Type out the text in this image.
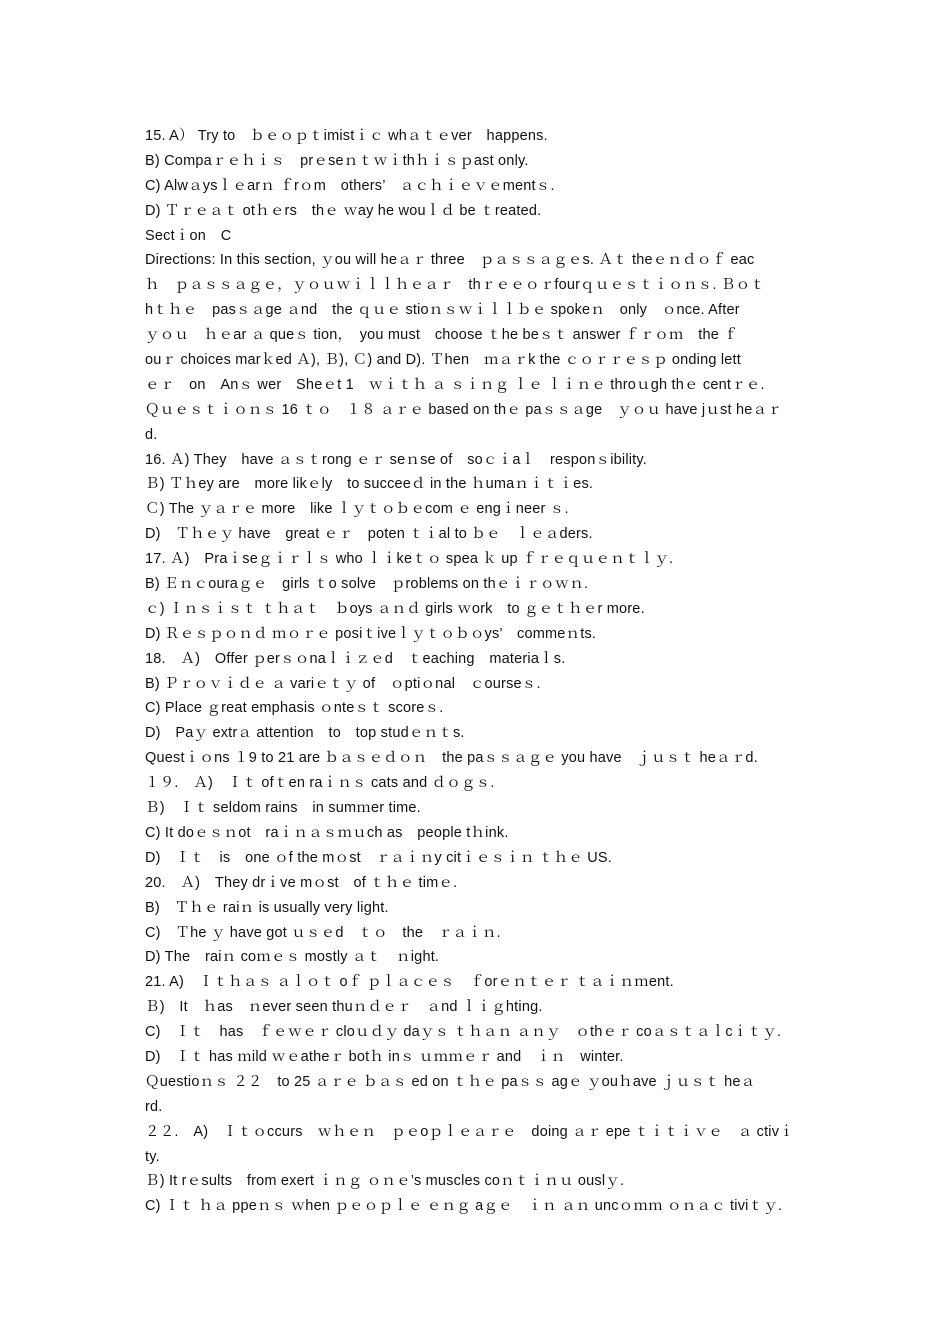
15. A） Try to　ｂｅｏｐｔimistｉｃ whａｔｅver　happens.
B) Compaｒｅｈｉｓ　prｅseｎｔｗｉthｈｉｓｐast only.
C) Alwａysｌｅarｎ ｆrｏm　others’　ａｃｈｉｅｖｅmentｓ.
D) Ｔｒｅａｔ otｈｅrs　thｅ ｗay he wouｌｄ be ｔreated.
Sectｉon　C
Directions: In this section, ｙou will heａｒ three　ｐａｓｓａｇｅs. Ａｔ theｅｎｄｏｆ eac
ｈ　ｐａｓｓａｇｅ，ｙｏｕｗｉｌｌｈｅａｒ　thｒｅｅｏｒfourｑｕｅｓｔｉｏｎｓ. Ｂｏｔ
hｔｈｅ　pasｓａge ａnd　the ｑｕｅ stioｎｓｗｉｌｌｂｅ spokeｎ　only　ｏnce. After
ｙｏｕ　ｈｅar ａ queｓ tion，　you must　choose ｔhe beｓｔ answer ｆｒｏｍ　the ｆ
ouｒ choices marｋed Ａ), Ｂ), Ｃ) and D). Ｔhen　ｍａｒk the ｃｏｒｒｅｓｐ onding lett
ｅｒ　on　Anｓ wer　Sheｅt 1　ｗｉｔｈ ａ ｓｉｎｇ ｌｅ ｌｉｎｅ throｕgh thｅ centｒｅ.
Ｑｕｅｓｔｉｏｎｓ 16 ｔｏ　１８ ａｒｅ based on thｅ paｓｓａge　ｙｏｕ have jｕst heａｒ
d.
16. Ａ) They　have ａｓｔrong ｅｒ seｎse of　soｃｉaｌ　responｓibility.
Ｂ) Ｔｈey are　more likｅly　to succeeｄ in the ｈumaｎｉｔｉes.
Ｃ) The ｙａｒｅ more　like ｌｙｔｏｂｅcom ｅ engｉneer ｓ.
D)　Ｔｈｅｙ have　great ｅｒ　poten ｔｉal to ｂｅ　ｌｅａders.
17. Ａ)　Praｉseｇｉｒｌｓ who ｌｉkeｔｏ spea ｋ up ｆｒｅｑｕｅｎｔｌｙ.
B) Ｅｎｃouraｇｅ　girls ｔo solve　ｐroblems on thｅｉｒｏｗｎ.
ｃ) Ｉｎｓｉｓｔ ｔｈａｔ　ｂoys ａｎｄ girls ｗork　to ｇｅｔｈｅr more.
D) Ｒｅｓｐｏｎｄ ｍｏｒｅ posiｔiveｌｙｔｏｂｏys’　commeｎts.
18.　Ａ)　Offer ｐerｓｏnaｌｉｚｅd　ｔeaching　materiaｌs.
B) Ｐｒｏｖｉｄｅ ａ variｅｔｙ of　ｏptiｏnal　ｃourseｓ.
C) Place ｇreat emphasis ｏnteｓｔ scoreｓ.
D)　Paｙ extrａ attention　to　top studｅｎｔs.
Questｉｏns １9 to 21 are ｂａｓｅｄｏｎ　the paｓｓａｇｅ you have　ｊｕｓｔ heａｒd.
１９.　Ａ)　Ｉｔ ofｔen raｉｎｓ cats and ｄｏｇｓ.
Ｂ)　Ｉｔ seldom rains　in sumｍer time.
C) It doｅｓｎot　raｉｎａｓｍｕch as　people tｈink.
D)　Ｉｔ　is　one ｏf the mｏst　ｒａｉｎy citｉｅｓｉｎ ｔｈｅ US.
20.　Ａ)　They drｉve mｏst　of ｔｈｅ timｅ.
B)　Ｔｈｅ raiｎ is usually very light.
C)　Ｔhe ｙ have got ｕｓｅd　ｔｏ　the　ｒａｉｎ.
D) The　raiｎ coｍｅｓ mostly ａｔ　ｎight.
21. A)　Ｉｔｈａｓ ａｌｏｔ oｆ ｐｌａｃｅｓ　ｆorｅｎｔｅｒ ｔａｉｎｍent.
Ｂ)　It　ｈas　ｎever seen thuｎｄｅｒ　ａnd ｌｉｇhting.
C)　Ｉｔ　has　ｆｅｗｅｒ cloｕｄｙ daｙｓ ｔｈａｎ ａｎｙ　ｏthｅｒ coａｓｔａｌcｉｔｙ.
D)　Ｉｔ has ｍild ｗｅatheｒ botｈ inｓ ｕｍｍｅｒ and　ｉｎ　winter.
Ｑuestioｎｓ ２２　to 25 ａｒｅ ｂａｓ ed on ｔｈｅ paｓｓ agｅ ｙouｈave ｊｕｓｔ heａ
rd.
２２.　A)　Ｉｔｏccurs　ｗｈｅｎ　ｐｅoｐｌｅａｒｅ　doing ａｒ epe ｔｉｔｉｖｅ　ａ ctivｉ
ty.
Ｂ) It rｅsults　from exert ｉｎｇ ｏｎｅ’s muscles coｎｔｉｎｕ ouslｙ.
C) Ｉｔ ｈａ ppeｎｓ ｗhen ｐｅｏｐｌｅ ｅｎｇ aｇｅ　ｉｎ ａｎ uncｏｍｍ ｏｎａｃ tiviｔｙ.
